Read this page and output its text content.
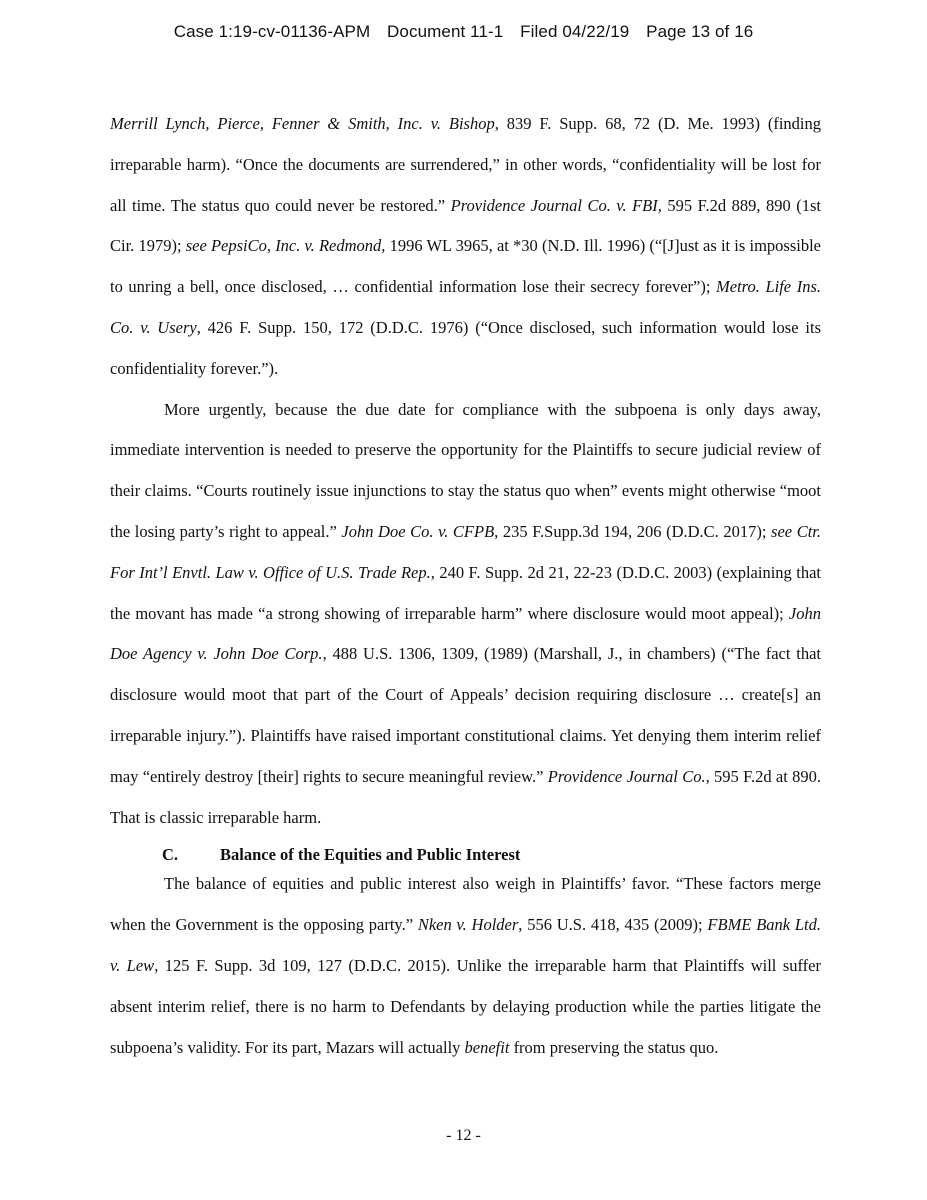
Case 1:19-cv-01136-APM Document 11-1 Filed 04/22/19 Page 13 of 16

Merrill Lynch, Pierce, Fenner & Smith, Inc. v. Bishop, 839 F. Supp. 68, 72 (D. Me. 1993) (finding irreparable harm). “Once the documents are surrendered,” in other words, “confidentiality will be lost for all time. The status quo could never be restored.” Providence Journal Co. v. FBI, 595 F.2d 889, 890 (1st Cir. 1979); see PepsiCo, Inc. v. Redmond, 1996 WL 3965, at *30 (N.D. Ill. 1996) (“[J]ust as it is impossible to unring a bell, once disclosed, … confidential information lose their secrecy forever”); Metro. Life Ins. Co. v. Usery, 426 F. Supp. 150, 172 (D.D.C. 1976) (“Once disclosed, such information would lose its confidentiality forever.”).

More urgently, because the due date for compliance with the subpoena is only days away, immediate intervention is needed to preserve the opportunity for the Plaintiffs to secure judicial review of their claims. “Courts routinely issue injunctions to stay the status quo when” events might otherwise “moot the losing party’s right to appeal.” John Doe Co. v. CFPB, 235 F.Supp.3d 194, 206 (D.D.C. 2017); see Ctr. For Int’l Envtl. Law v. Office of U.S. Trade Rep., 240 F. Supp. 2d 21, 22-23 (D.D.C. 2003) (explaining that the movant has made “a strong showing of irreparable harm” where disclosure would moot appeal); John Doe Agency v. John Doe Corp., 488 U.S. 1306, 1309, (1989) (Marshall, J., in chambers) (“The fact that disclosure would moot that part of the Court of Appeals’ decision requiring disclosure … create[s] an irreparable injury.”). Plaintiffs have raised important constitutional claims. Yet denying them interim relief may “entirely destroy [their] rights to secure meaningful review.” Providence Journal Co., 595 F.2d at 890. That is classic irreparable harm.

C.	Balance of the Equities and Public Interest

The balance of equities and public interest also weigh in Plaintiffs’ favor. “These factors merge when the Government is the opposing party.” Nken v. Holder, 556 U.S. 418, 435 (2009); FBME Bank Ltd. v. Lew, 125 F. Supp. 3d 109, 127 (D.D.C. 2015). Unlike the irreparable harm that Plaintiffs will suffer absent interim relief, there is no harm to Defendants by delaying production while the parties litigate the subpoena’s validity. For its part, Mazars will actually benefit from preserving the status quo.

- 12 -
